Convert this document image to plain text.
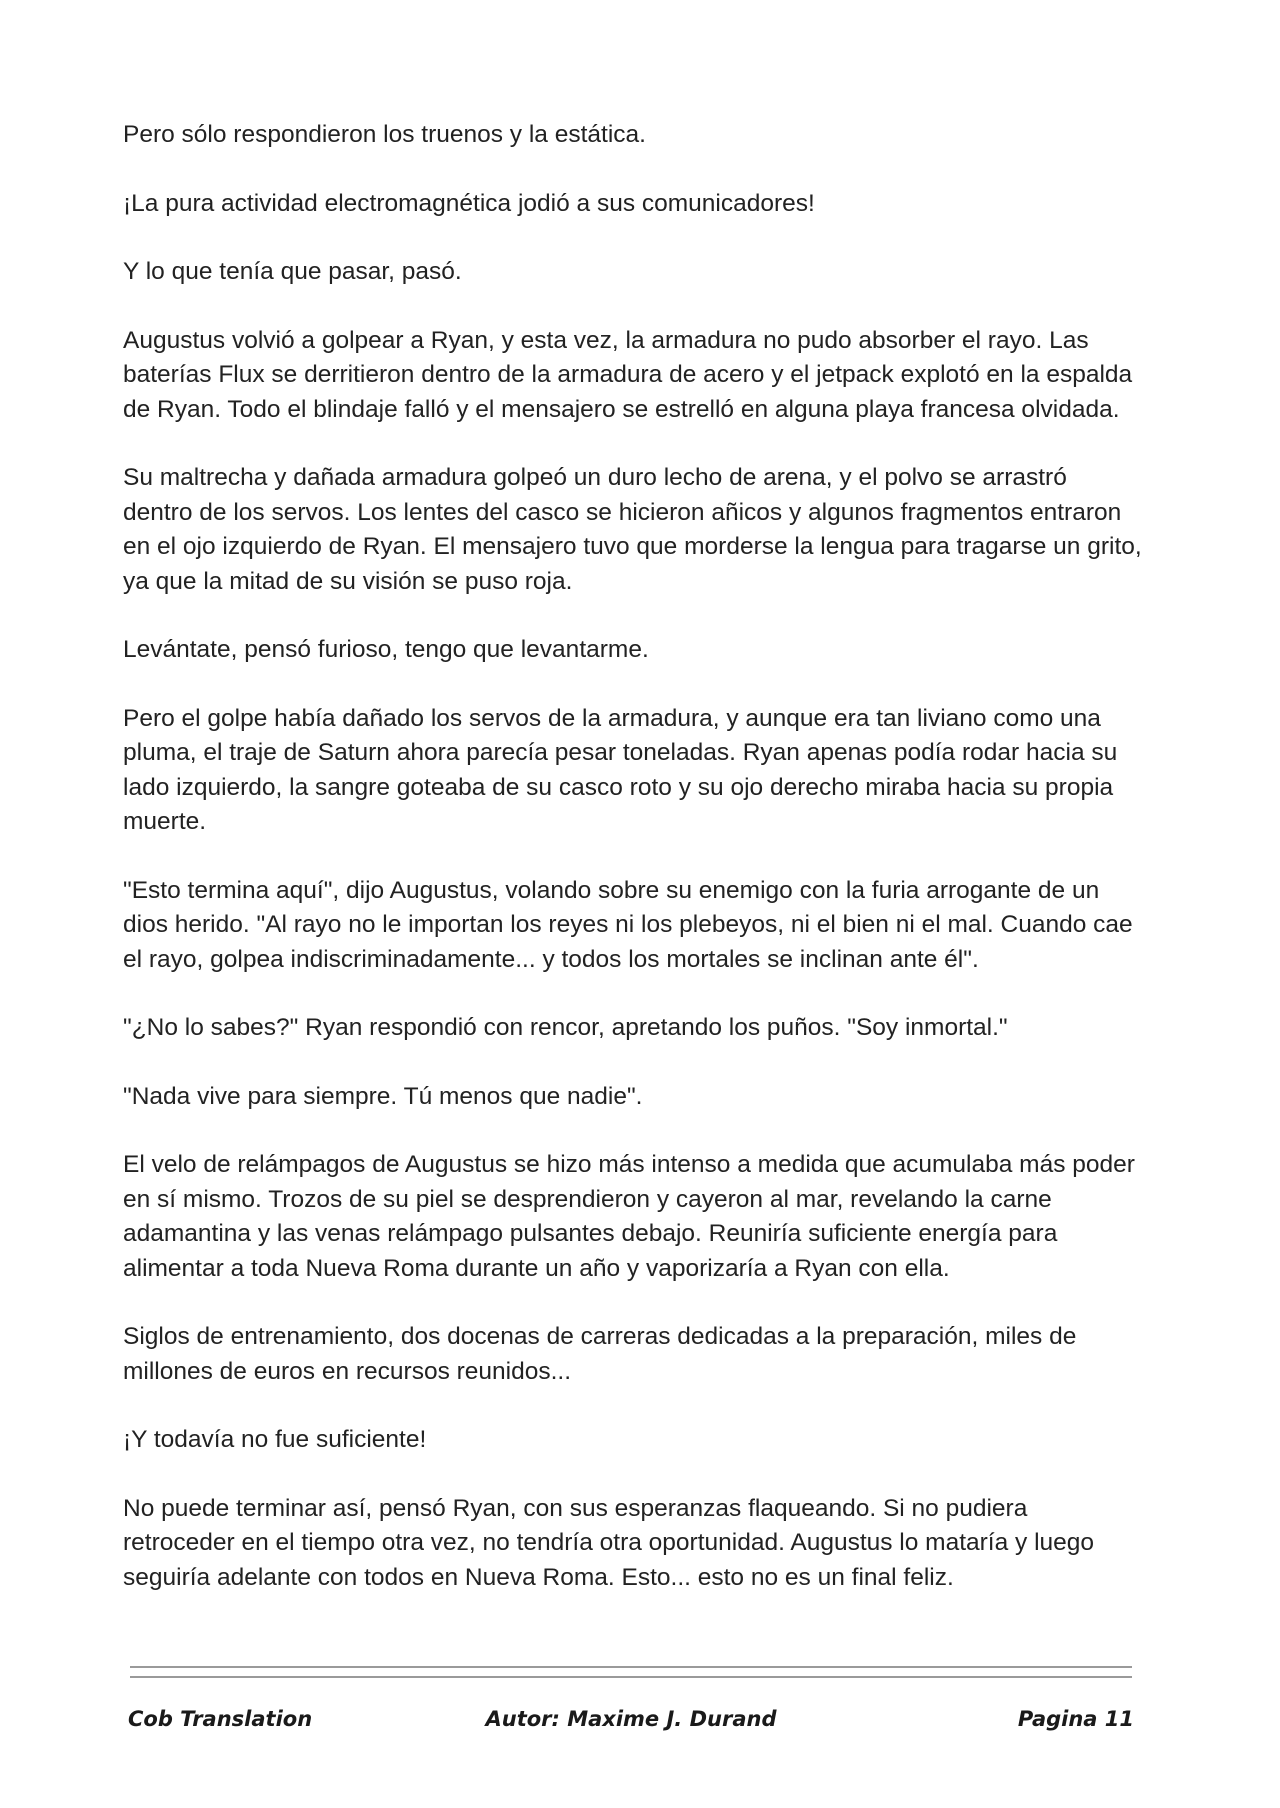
Pero sólo respondieron los truenos y la estática.

¡La pura actividad electromagnética jodió a sus comunicadores!

Y lo que tenía que pasar, pasó.

Augustus volvió a golpear a Ryan, y esta vez, la armadura no pudo absorber el rayo. Las baterías Flux se derritieron dentro de la armadura de acero y el jetpack explotó en la espalda de Ryan. Todo el blindaje falló y el mensajero se estrelló en alguna playa francesa olvidada.

Su maltrecha y dañada armadura golpeó un duro lecho de arena, y el polvo se arrastró dentro de los servos. Los lentes del casco se hicieron añicos y algunos fragmentos entraron en el ojo izquierdo de Ryan. El mensajero tuvo que morderse la lengua para tragarse un grito, ya que la mitad de su visión se puso roja.

Levántate, pensó furioso, tengo que levantarme.

Pero el golpe había dañado los servos de la armadura, y aunque era tan liviano como una pluma, el traje de Saturn ahora parecía pesar toneladas. Ryan apenas podía rodar hacia su lado izquierdo, la sangre goteaba de su casco roto y su ojo derecho miraba hacia su propia muerte.

"Esto termina aquí", dijo Augustus, volando sobre su enemigo con la furia arrogante de un dios herido. "Al rayo no le importan los reyes ni los plebeyos, ni el bien ni el mal. Cuando cae el rayo, golpea indiscriminadamente... y todos los mortales se inclinan ante él".

"¿No lo sabes?" Ryan respondió con rencor, apretando los puños. "Soy inmortal."

"Nada vive para siempre. Tú menos que nadie".

El velo de relámpagos de Augustus se hizo más intenso a medida que acumulaba más poder en sí mismo. Trozos de su piel se desprendieron y cayeron al mar, revelando la carne adamantina y las venas relámpago pulsantes debajo. Reuniría suficiente energía para alimentar a toda Nueva Roma durante un año y vaporizaría a Ryan con ella.

Siglos de entrenamiento, dos docenas de carreras dedicadas a la preparación, miles de millones de euros en recursos reunidos...

¡Y todavía no fue suficiente!

No puede terminar así, pensó Ryan, con sus esperanzas flaqueando. Si no pudiera retroceder en el tiempo otra vez, no tendría otra oportunidad. Augustus lo mataría y luego seguiría adelante con todos en Nueva Roma. Esto... esto no es un final feliz.

Cob Translation	Autor: Maxime J. Durand	Pagina 11
